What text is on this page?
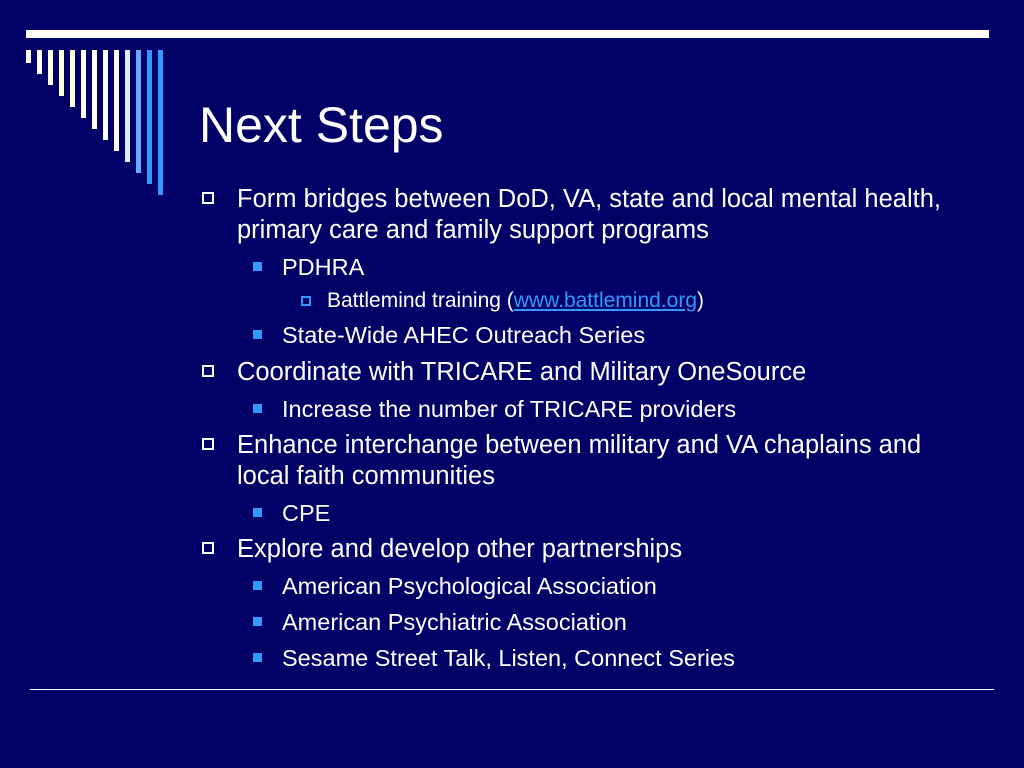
Next Steps
Form bridges between DoD, VA, state and local mental health, primary care and family support programs
PDHRA
Battlemind training (www.battlemind.org)
State-Wide AHEC Outreach Series
Coordinate with TRICARE and Military OneSource
Increase the number of TRICARE providers
Enhance interchange between military and VA chaplains and local faith communities
CPE
Explore and develop other partnerships
American Psychological Association
American Psychiatric Association
Sesame Street Talk, Listen, Connect Series
